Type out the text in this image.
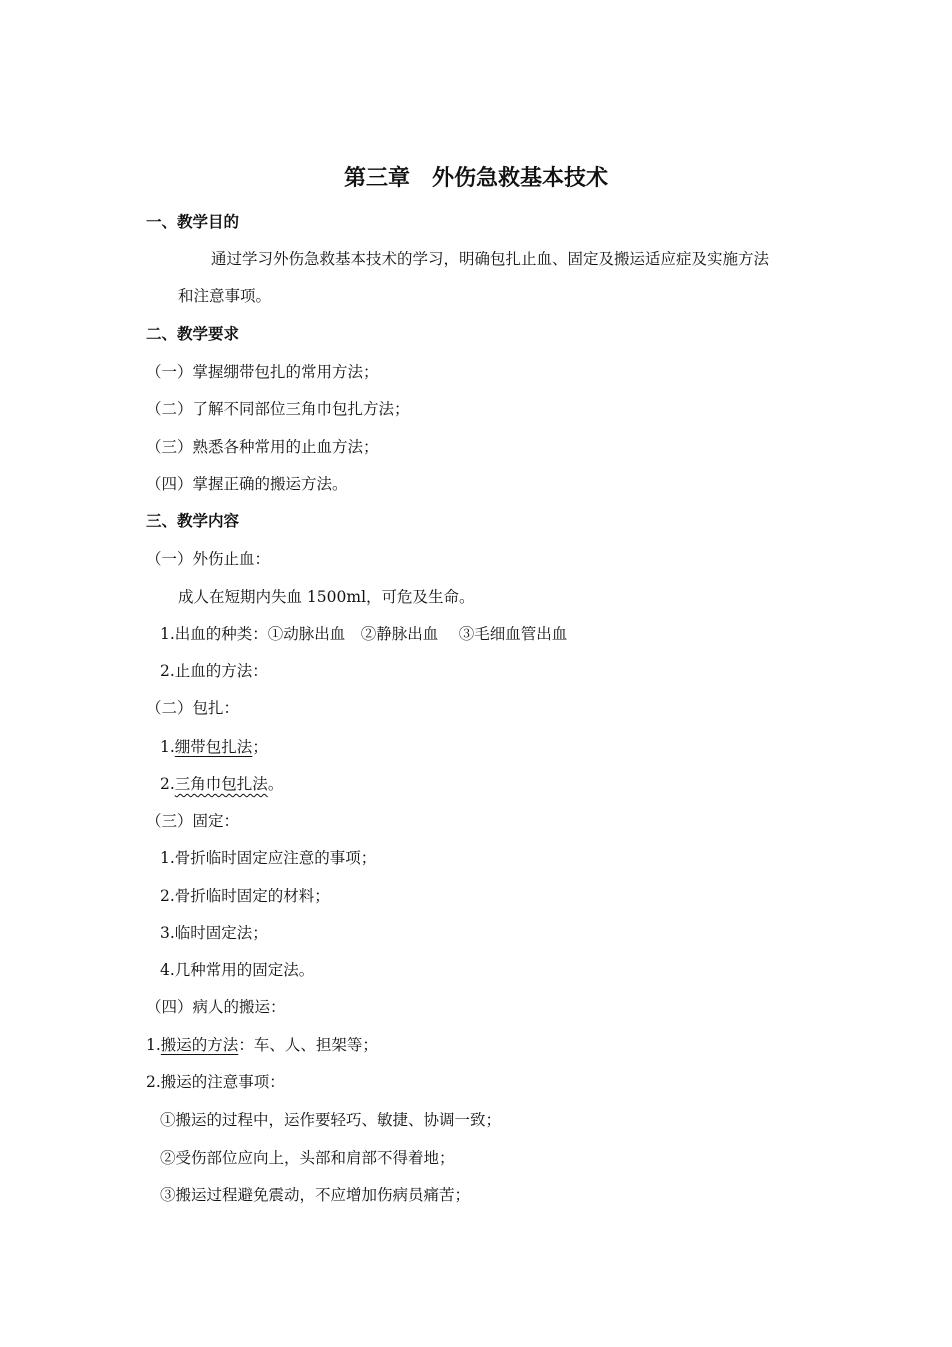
第三章　外伤急救基本技术
一、教学目的
通过学习外伤急救基本技术的学习，明确包扎止血、固定及搬运适应症及实施方法
和注意事项。
二、教学要求
（一）掌握绷带包扎的常用方法；
（二）了解不同部位三角巾包扎方法；
（三）熟悉各种常用的止血方法；
（四）掌握正确的搬运方法。
三、教学内容
（一）外伤止血：
成人在短期内失血 1500ml，可危及生命。
1.出血的种类：①动脉出血　②静脉出血　 ③毛细血管出血
2.止血的方法：
（二）包扎：
1.绷带包扎法；
2.三角巾包扎法。
（三）固定：
1.骨折临时固定应注意的事项；
2.骨折临时固定的材料；
3.临时固定法；
4.几种常用的固定法。
（四）病人的搬运：
1.搬运的方法：车、人、担架等；
2.搬运的注意事项：
①搬运的过程中，运作要轻巧、敏捷、协调一致；
②受伤部位应向上，头部和肩部不得着地；
③搬运过程避免震动，不应增加伤病员痛苦；
